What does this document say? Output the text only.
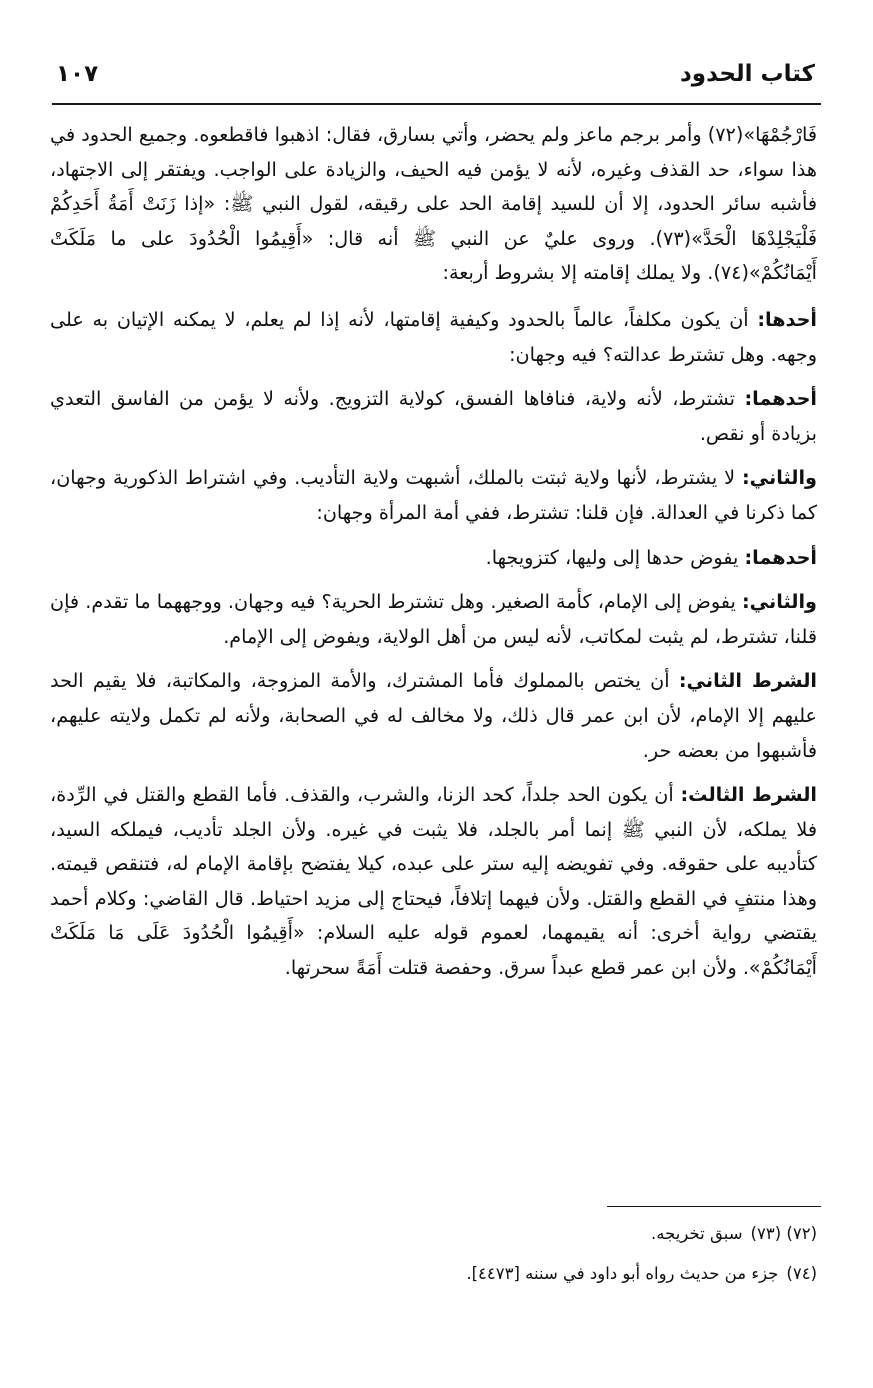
كتاب الحدود
١٠٧

فَارْجُمْهَا»(٧٢) وأمر برجم ماعز ولم يحضر، وأتي بسارق، فقال: اذهبوا فاقطعوه. وجميع الحدود في هذا سواء، حد القذف وغيره، لأنه لا يؤمن فيه الحيف، والزيادة على الواجب. ويفتقر إلى الاجتهاد، فأشبه سائر الحدود، إلا أن للسيد إقامة الحد على رقيقه، لقول النبي ﷺ: «إذا زَنَتْ أَمَةُ أَحَدِكُمْ فَلْيَجْلِدْهَا الْحَدَّ»(٧٣). وروى عليٌ عن النبي ﷺ أنه قال: «أَقِيمُوا الْحُدُودَ على ما مَلَكَتْ أَيْمَانُكُمْ»(٧٤). ولا يملك إقامته إلا بشروط أربعة:

أحدها: أن يكون مكلفاً، عالماً بالحدود وكيفية إقامتها، لأنه إذا لم يعلم، لا يمكنه الإتيان به على وجهه. وهل تشترط عدالته؟ فيه وجهان:

أحدهما: تشترط، لأنه ولاية، فنافاها الفسق، كولاية التزويج. ولأنه لا يؤمن من الفاسق التعدي بزيادة أو نقص.

والثاني: لا يشترط، لأنها ولاية ثبتت بالملك، أشبهت ولاية التأديب. وفي اشتراط الذكورية وجهان، كما ذكرنا في العدالة. فإن قلنا: تشترط، ففي أمة المرأة وجهان:

أحدهما: يفوض حدها إلى وليها، كتزويجها.

والثاني: يفوض إلى الإمام، كأمة الصغير. وهل تشترط الحرية؟ فيه وجهان. ووجههما ما تقدم. فإن قلنا، تشترط، لم يثبت لمكاتب، لأنه ليس من أهل الولاية، ويفوض إلى الإمام.

الشرط الثاني: أن يختص بالمملوك فأما المشترك، والأمة المزوجة، والمكاتبة، فلا يقيم الحد عليهم إلا الإمام، لأن ابن عمر قال ذلك، ولا مخالف له في الصحابة، ولأنه لم تكمل ولايته عليهم، فأشبهوا من بعضه حر.

الشرط الثالث: أن يكون الحد جلداً، كحد الزنا، والشرب، والقذف. فأما القطع والقتل في الرِّدة، فلا يملكه، لأن النبي ﷺ إنما أمر بالجلد، فلا يثبت في غيره. ولأن الجلد تأديب، فيملكه السيد، كتأديبه على حقوقه. وفي تفويضه إليه ستر على عبده، كيلا يفتضح بإقامة الإمام له، فتنقص قيمته. وهذا منتفٍ في القطع والقتل. ولأن فيهما إتلافاً، فيحتاج إلى مزيد احتياط. قال القاضي: وكلام أحمد يقتضي رواية أخرى: أنه يقيمهما، لعموم قوله عليه السلام: «أَقِيمُوا الْحُدُودَ عَلَى مَا مَلَكَتْ أَيْمَانُكُمْ». ولأن ابن عمر قطع عبداً سرق. وحفصة قتلت أَمَةً سحرتها.

(٧٢) (٧٣)سبق تخريجه.

(٧٤)جزء من حديث رواه أبو داود في سننه [٤٤٧٣].
